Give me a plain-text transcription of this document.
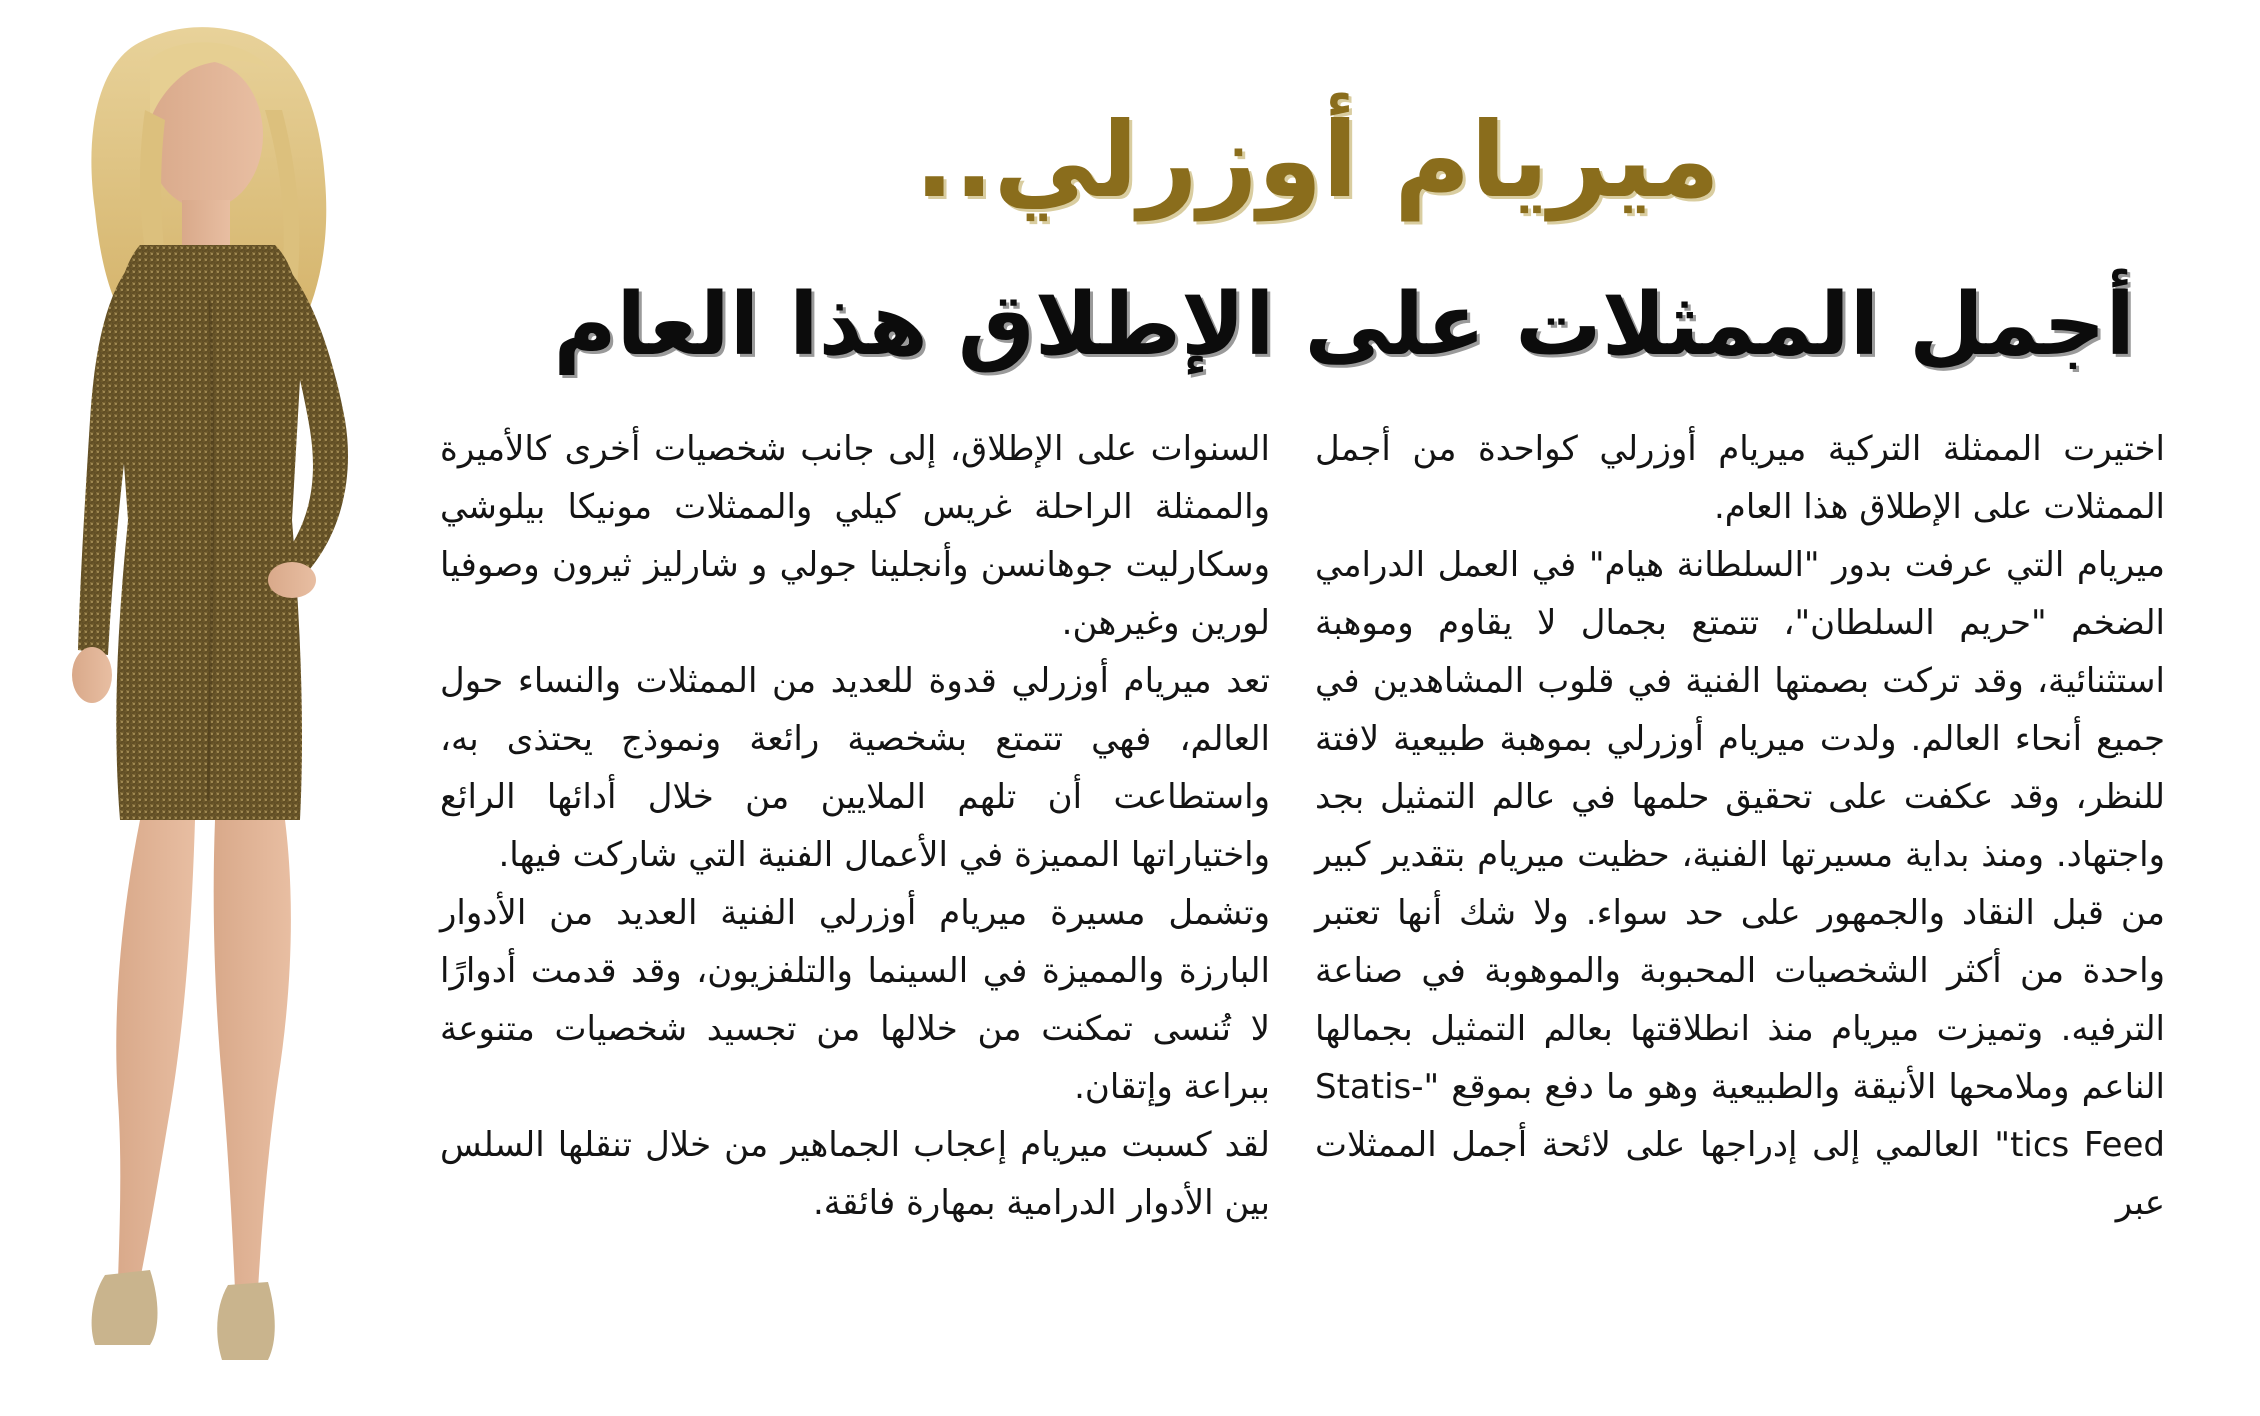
ميريام أوزرلي..
أجمل الممثلات على الإطلاق هذا العام

اختيرت الممثلة التركية ميريام أوزرلي كواحدة من أجمل الممثلات على الإطلاق هذا العام.

ميريام التي عرفت بدور "السلطانة هيام" في العمل الدرامي الضخم "حريم السلطان"، تتمتع بجمال لا يقاوم وموهبة استثنائية، وقد تركت بصمتها الفنية في قلوب المشاهدين في جميع أنحاء العالم. ولدت ميريام أوزرلي بموهبة طبيعية لافتة للنظر، وقد عكفت على تحقيق حلمها في عالم التمثيل بجد واجتهاد. ومنذ بداية مسيرتها الفنية، حظيت ميريام بتقدير كبير من قبل النقاد والجمهور على حد سواء. ولا شك أنها تعتبر واحدة من أكثر الشخصيات المحبوبة والموهوبة في صناعة الترفيه. وتميزت ميريام منذ انطلاقتها بعالم التمثيل بجمالها الناعم وملامحها الأنيقة والطبيعية وهو ما دفع بموقع "Statis-tics Feed" العالمي إلى إدراجها على لائحة أجمل الممثلات عبر

السنوات على الإطلاق، إلى جانب شخصيات أخرى كالأميرة والممثلة الراحلة غريس كيلي والممثلات مونيكا بيلوشي وسكارليت جوهانسن وأنجلينا جولي و شارليز ثيرون وصوفيا لورين وغيرهن.

تعد ميريام أوزرلي قدوة للعديد من الممثلات والنساء حول العالم، فهي تتمتع بشخصية رائعة ونموذج يحتذى به، واستطاعت أن تلهم الملايين من خلال أدائها الرائع واختياراتها المميزة في الأعمال الفنية التي شاركت فيها.

وتشمل مسيرة ميريام أوزرلي الفنية العديد من الأدوار البارزة والمميزة في السينما والتلفزيون، وقد قدمت أدوارًا لا تُنسى تمكنت من خلالها من تجسيد شخصيات متنوعة ببراعة وإتقان.

لقد كسبت ميريام إعجاب الجماهير من خلال تنقلها السلس بين الأدوار الدرامية بمهارة فائقة.
